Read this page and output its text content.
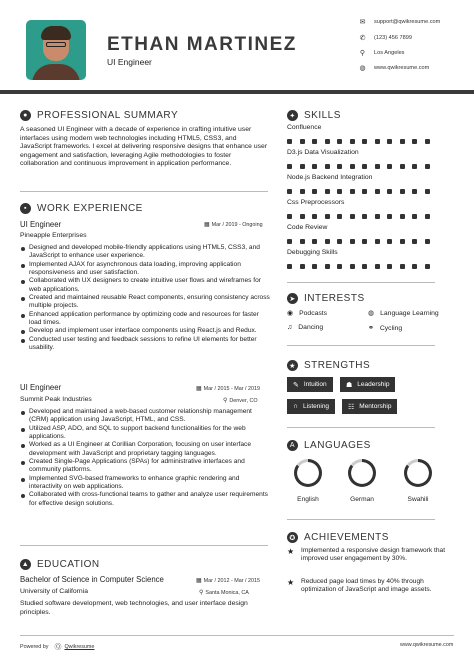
ETHAN MARTINEZ
UI Engineer
✉ support@qwikresume.com
✆ (123) 456 7899
⚲	Los Angeles
◍ www.qwikresume.com
● PROFESSIONAL SUMMARY
A seasoned UI Engineer with a decade of experience in crafting intuitive user interfaces using modern web technologies including HTML5, CSS3, and JavaScript frameworks. I excel at delivering responsive designs that enhance user engagement and satisfaction, leveraging Agile methodologies to foster collaboration and continuous improvement in application performance.
▪	WORK EXPERIENCE
UI Engineer	▦ Mar / 2019 - Ongoing
Pineapple Enterprises
Designed and developed mobile-friendly applications using HTML5, CSS3, and JavaScript to enhance user experience.
Implemented AJAX for asynchronous data loading, improving application responsiveness and user satisfaction.
Collaborated with UX designers to create intuitive user flows and wireframes for web applications.
Created and maintained reusable React components, ensuring consistency across multiple projects.
Enhanced application performance by optimizing code and resources for faster load times.
Develop and implement user interface components using React.js and Redux.
Conducted user testing and feedback sessions to refine UI elements for better usability.
UI Engineer	▦ Mar / 2015 - Mar / 2019
Summit Peak Industries	⚲ Denver, CO
Developed and maintained a web-based customer relationship management (CRM) application using JavaScript, HTML, and CSS.
Utilized ASP, ADO, and SQL to support backend functionalities for the web applications.
Worked as a UI Engineer at Corillian Corporation, focusing on user interface development with JavaScript and proprietary tagging languages.
Created Single-Page Applications (SPAs) for administrative interfaces and community platforms.
Implemented SVG-based frameworks to enhance graphic rendering and interactivity on web applications.
Collaborated with cross-functional teams to gather and analyze user requirements for effective design solutions.
▲ EDUCATION
Bachelor of Science in Computer Science	▦ Mar / 2012 - Mar / 2015
University of California	⚲ Santa Monica, CA
Studied software development, web technologies, and user interface design principles.
✦ SKILLS
Confluence
D3.js Data Visualization
Node.js Backend Integration
Css Preprocessors
Code Review
Debugging Skills
➤ INTERESTS
◉ Podcasts	◍ Language Learning
♫ Dancing	⚭ Cycling
★ STRENGTHS
✎ Intuition	☗ Leadership
∩ Listening	☷ Mentorship
A LANGUAGES
English	German	Swahili
✪ ACHIEVEMENTS
★ Implemented a responsive design framework that improved user engagement by 30%.
★ Reduced page load times by 40% through optimization of JavaScript and image assets.
Powered by Ⓠ Qwikresume	www.qwikresume.com
